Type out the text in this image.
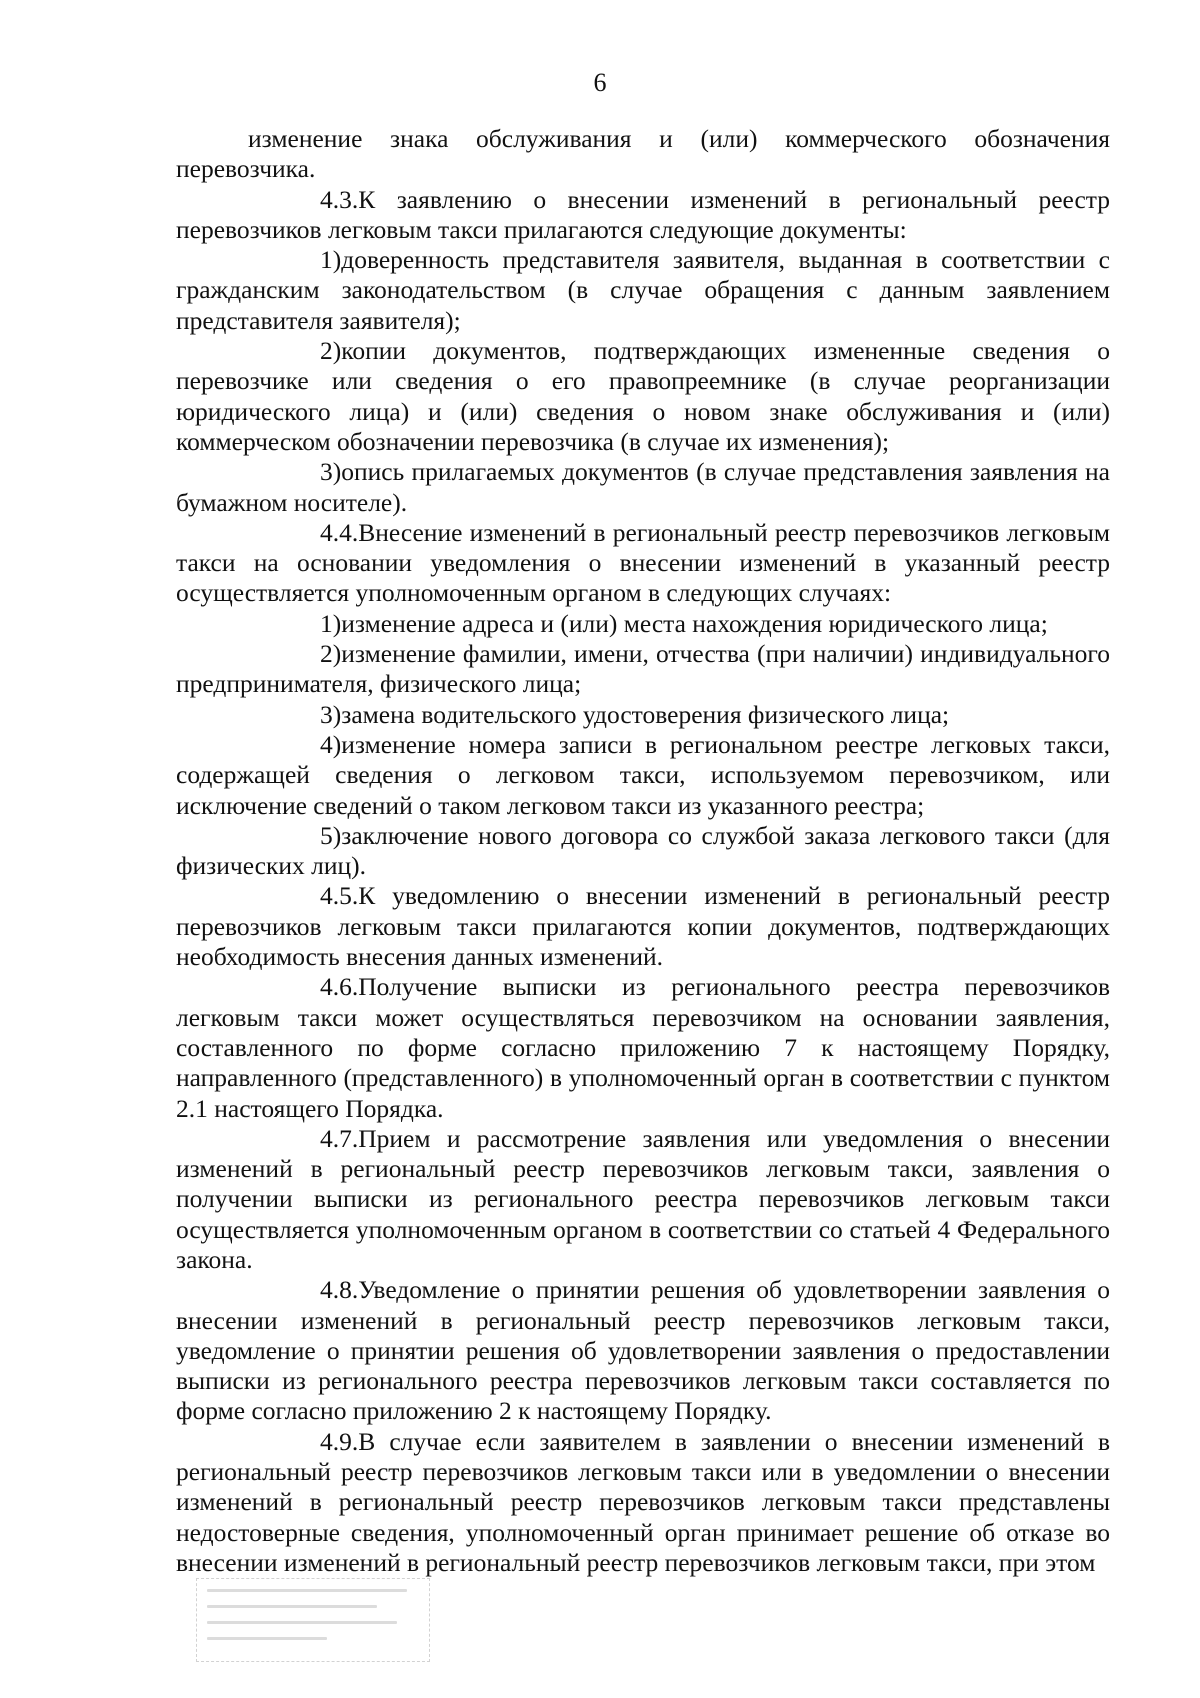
6

изменение знака обслуживания и (или) коммерческого обозначения перевозчика.

4.3.К заявлению о внесении изменений в региональный реестр перевозчиков легковым такси прилагаются следующие документы:

1)доверенность представителя заявителя, выданная в соответствии с гражданским законодательством (в случае обращения с данным заявлением представителя заявителя);

2)копии документов, подтверждающих измененные сведения о перевозчике или сведения о его правопреемнике (в случае реорганизации юридического лица) и (или) сведения о новом знаке обслуживания и (или) коммерческом обозначении перевозчика (в случае их изменения);

3)опись прилагаемых документов (в случае представления заявления на бумажном носителе).

4.4.Внесение изменений в региональный реестр перевозчиков легковым такси на основании уведомления о внесении изменений в указанный реестр осуществляется уполномоченным органом в следующих случаях:

1)изменение адреса и (или) места нахождения юридического лица;

2)изменение фамилии, имени, отчества (при наличии) индивидуального предпринимателя, физического лица;

3)замена водительского удостоверения физического лица;

4)изменение номера записи в региональном реестре легковых такси, содержащей сведения о легковом такси, используемом перевозчиком, или исключение сведений о таком легковом такси из указанного реестра;

5)заключение нового договора со службой заказа легкового такси (для физических лиц).

4.5.К уведомлению о внесении изменений в региональный реестр перевозчиков легковым такси прилагаются копии документов, подтверждающих необходимость внесения данных изменений.

4.6.Получение выписки из регионального реестра перевозчиков легковым такси может осуществляться перевозчиком на основании заявления, составленного по форме согласно приложению 7 к настоящему Порядку, направленного (представленного) в уполномоченный орган в соответствии с пунктом 2.1 настоящего Порядка.

4.7.Прием и рассмотрение заявления или уведомления о внесении изменений в региональный реестр перевозчиков легковым такси, заявления о получении выписки из регионального реестра перевозчиков легковым такси осуществляется уполномоченным органом в соответствии со статьей 4 Федерального закона.

4.8.Уведомление о принятии решения об удовлетворении заявления о внесении изменений в региональный реестр перевозчиков легковым такси, уведомление о принятии решения об удовлетворении заявления о предоставлении выписки из регионального реестра перевозчиков легковым такси составляется по форме согласно приложению 2 к настоящему Порядку.

4.9.В случае если заявителем в заявлении о внесении изменений в региональный реестр перевозчиков легковым такси или в уведомлении о внесении изменений в региональный реестр перевозчиков легковым такси представлены недостоверные сведения, уполномоченный орган принимает решение об отказе во внесении изменений в региональный реестр перевозчиков легковым такси, при этом
